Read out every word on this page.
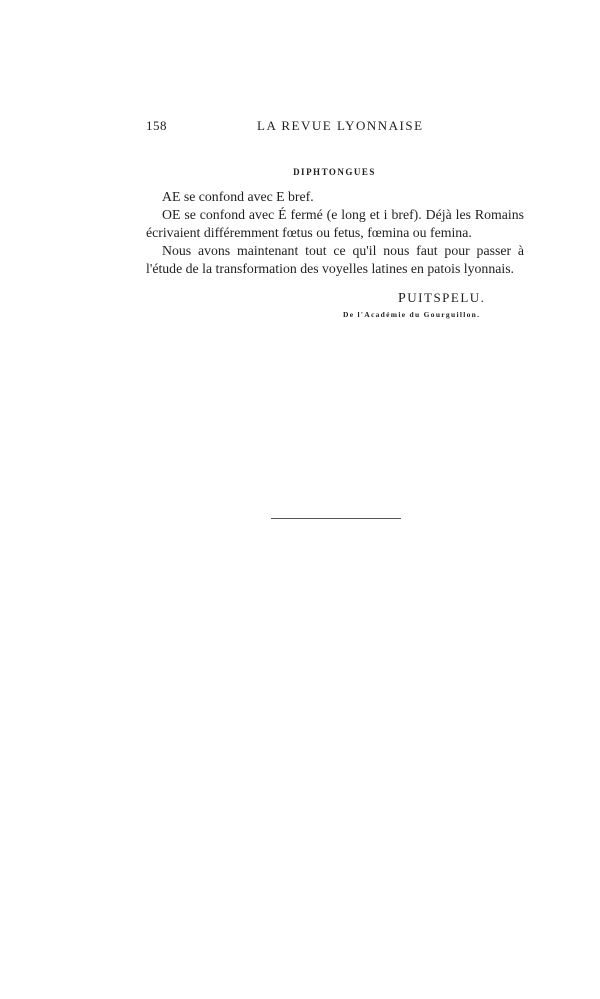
158	LA REVUE LYONNAISE
DIPHTONGUES

AE se confond avec E bref.

OE se confond avec É fermé (e long et i bref). Déjà les Romains écrivaient différemment fœtus ou fetus, fœmina ou femina.

Nous avons maintenant tout ce qu'il nous faut pour passer à l'étude de la transformation des voyelles latines en patois lyonnais.

PUITSPELU.
De l'Académie du Gourguillon.
